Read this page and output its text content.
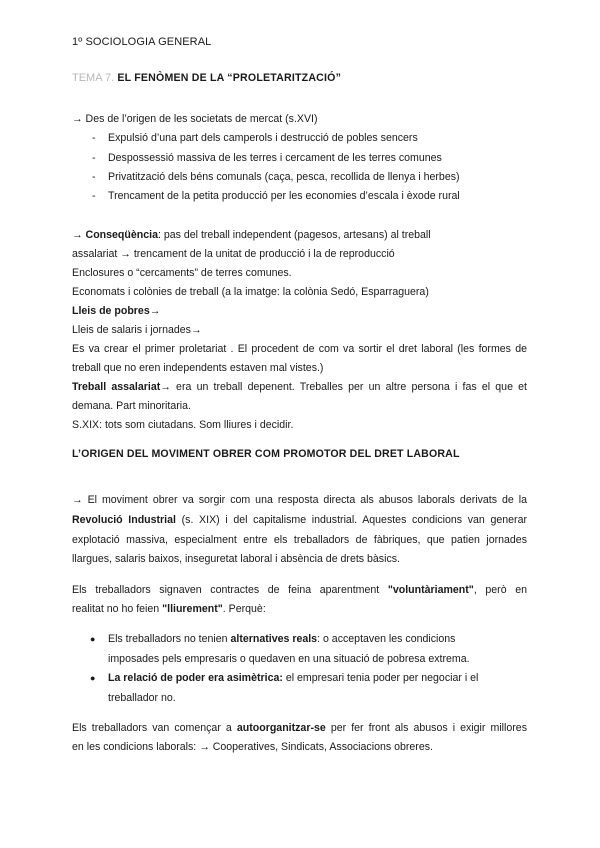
1º SOCIOLOGIA GENERAL
TEMA 7. EL FENÒMEN DE LA “PROLETARITZACIÓ”
→ Des de l’origen de les societats de mercat (s.XVI)
- Expulsió d’una part dels camperols i destrucció de pobles sencers
- Despossessió massiva de les terres i cercament de les terres comunes
- Privatització dels béns comunals (caça, pesca, recollida de llenya i herbes)
- Trencament de la petita producció per les economies d’escala i èxode rural
→ Conseqüència: pas del treball independent (pagesos, artesans) al treball
assalariat → trencament de la unitat de producció i la de reproducció
Enclosures o “cercaments” de terres comunes.
Economats i colònies de treball (a la imatge: la colònia Sedó, Esparraguera)
Lleis de pobres→
Lleis de salaris i jornades→
Es va crear el primer proletariat . El procedent de com va sortir el dret laboral (les formes de
treball que no eren independents estaven mal vistes.)
Treball assalariat→ era un treball depenent. Treballes per un altre persona i fas el que et
demana. Part minoritaria.
S.XIX: tots som ciutadans. Som lliures i decidir.
L’ORIGEN DEL MOVIMENT OBRER COM PROMOTOR DEL DRET LABORAL
→ El moviment obrer va sorgir com una resposta directa als abusos laborals derivats de la
Revolució Industrial (s. XIX) i del capitalisme industrial. Aquestes condicions van generar
explotació massiva, especialment entre els treballadors de fàbriques, que patien jornades
llargues, salaris baixos, inseguretat laboral i absència de drets bàsics.
Els treballadors signaven contractes de feina aparentment "voluntàriament", però en
realitat no ho feien "lliurement". Perquè:
● Els treballadors no tenien alternatives reals: o acceptaven les condicions
imposades pels empresaris o quedaven en una situació de pobresa extrema.
● La relació de poder era asimètrica: el empresari tenia poder per negociar i el
treballador no.
Els treballadors van començar a autoorganitzar-se per fer front als abusos i exigir millores
en les condicions laborals: → Cooperatives, Sindicats, Associacions obreres.
